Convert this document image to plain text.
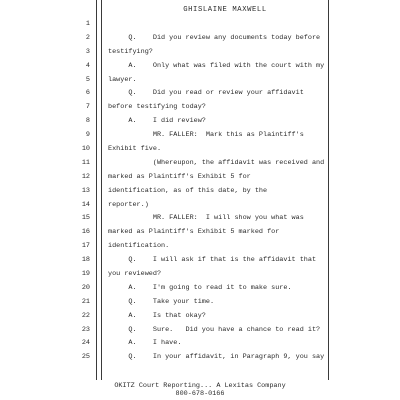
GHISLAINE MAXWELL
1
2	Q.    Did you review any documents today before
3	testifying?
4	A.    Only what was filed with the court with my
5	lawyer.
6	Q.    Did you read or review your affidavit
7	before testifying today?
8	A.    I did review?
9	MR. FALLER:  Mark this as Plaintiff's
10	Exhibit five.
11	(Whereupon, the affidavit was received and
12	marked as Plaintiff's Exhibit 5 for
13	identification, as of this date, by the
14	reporter.)
15	MR. FALLER:  I will show you what was
16	marked as Plaintiff's Exhibit 5 marked for
17	identification.
18	Q.    I will ask if that is the affidavit that
19	you reviewed?
20	A.    I'm going to read it to make sure.
21	Q.    Take your time.
22	A.    Is that okay?
23	Q.    Sure.   Did you have a chance to read it?
24	A.    I have.
25	Q.    In your affidavit, in Paragraph 9, you say
OKITZ Court Reporting... A Lexitas Company
800-678-0166
